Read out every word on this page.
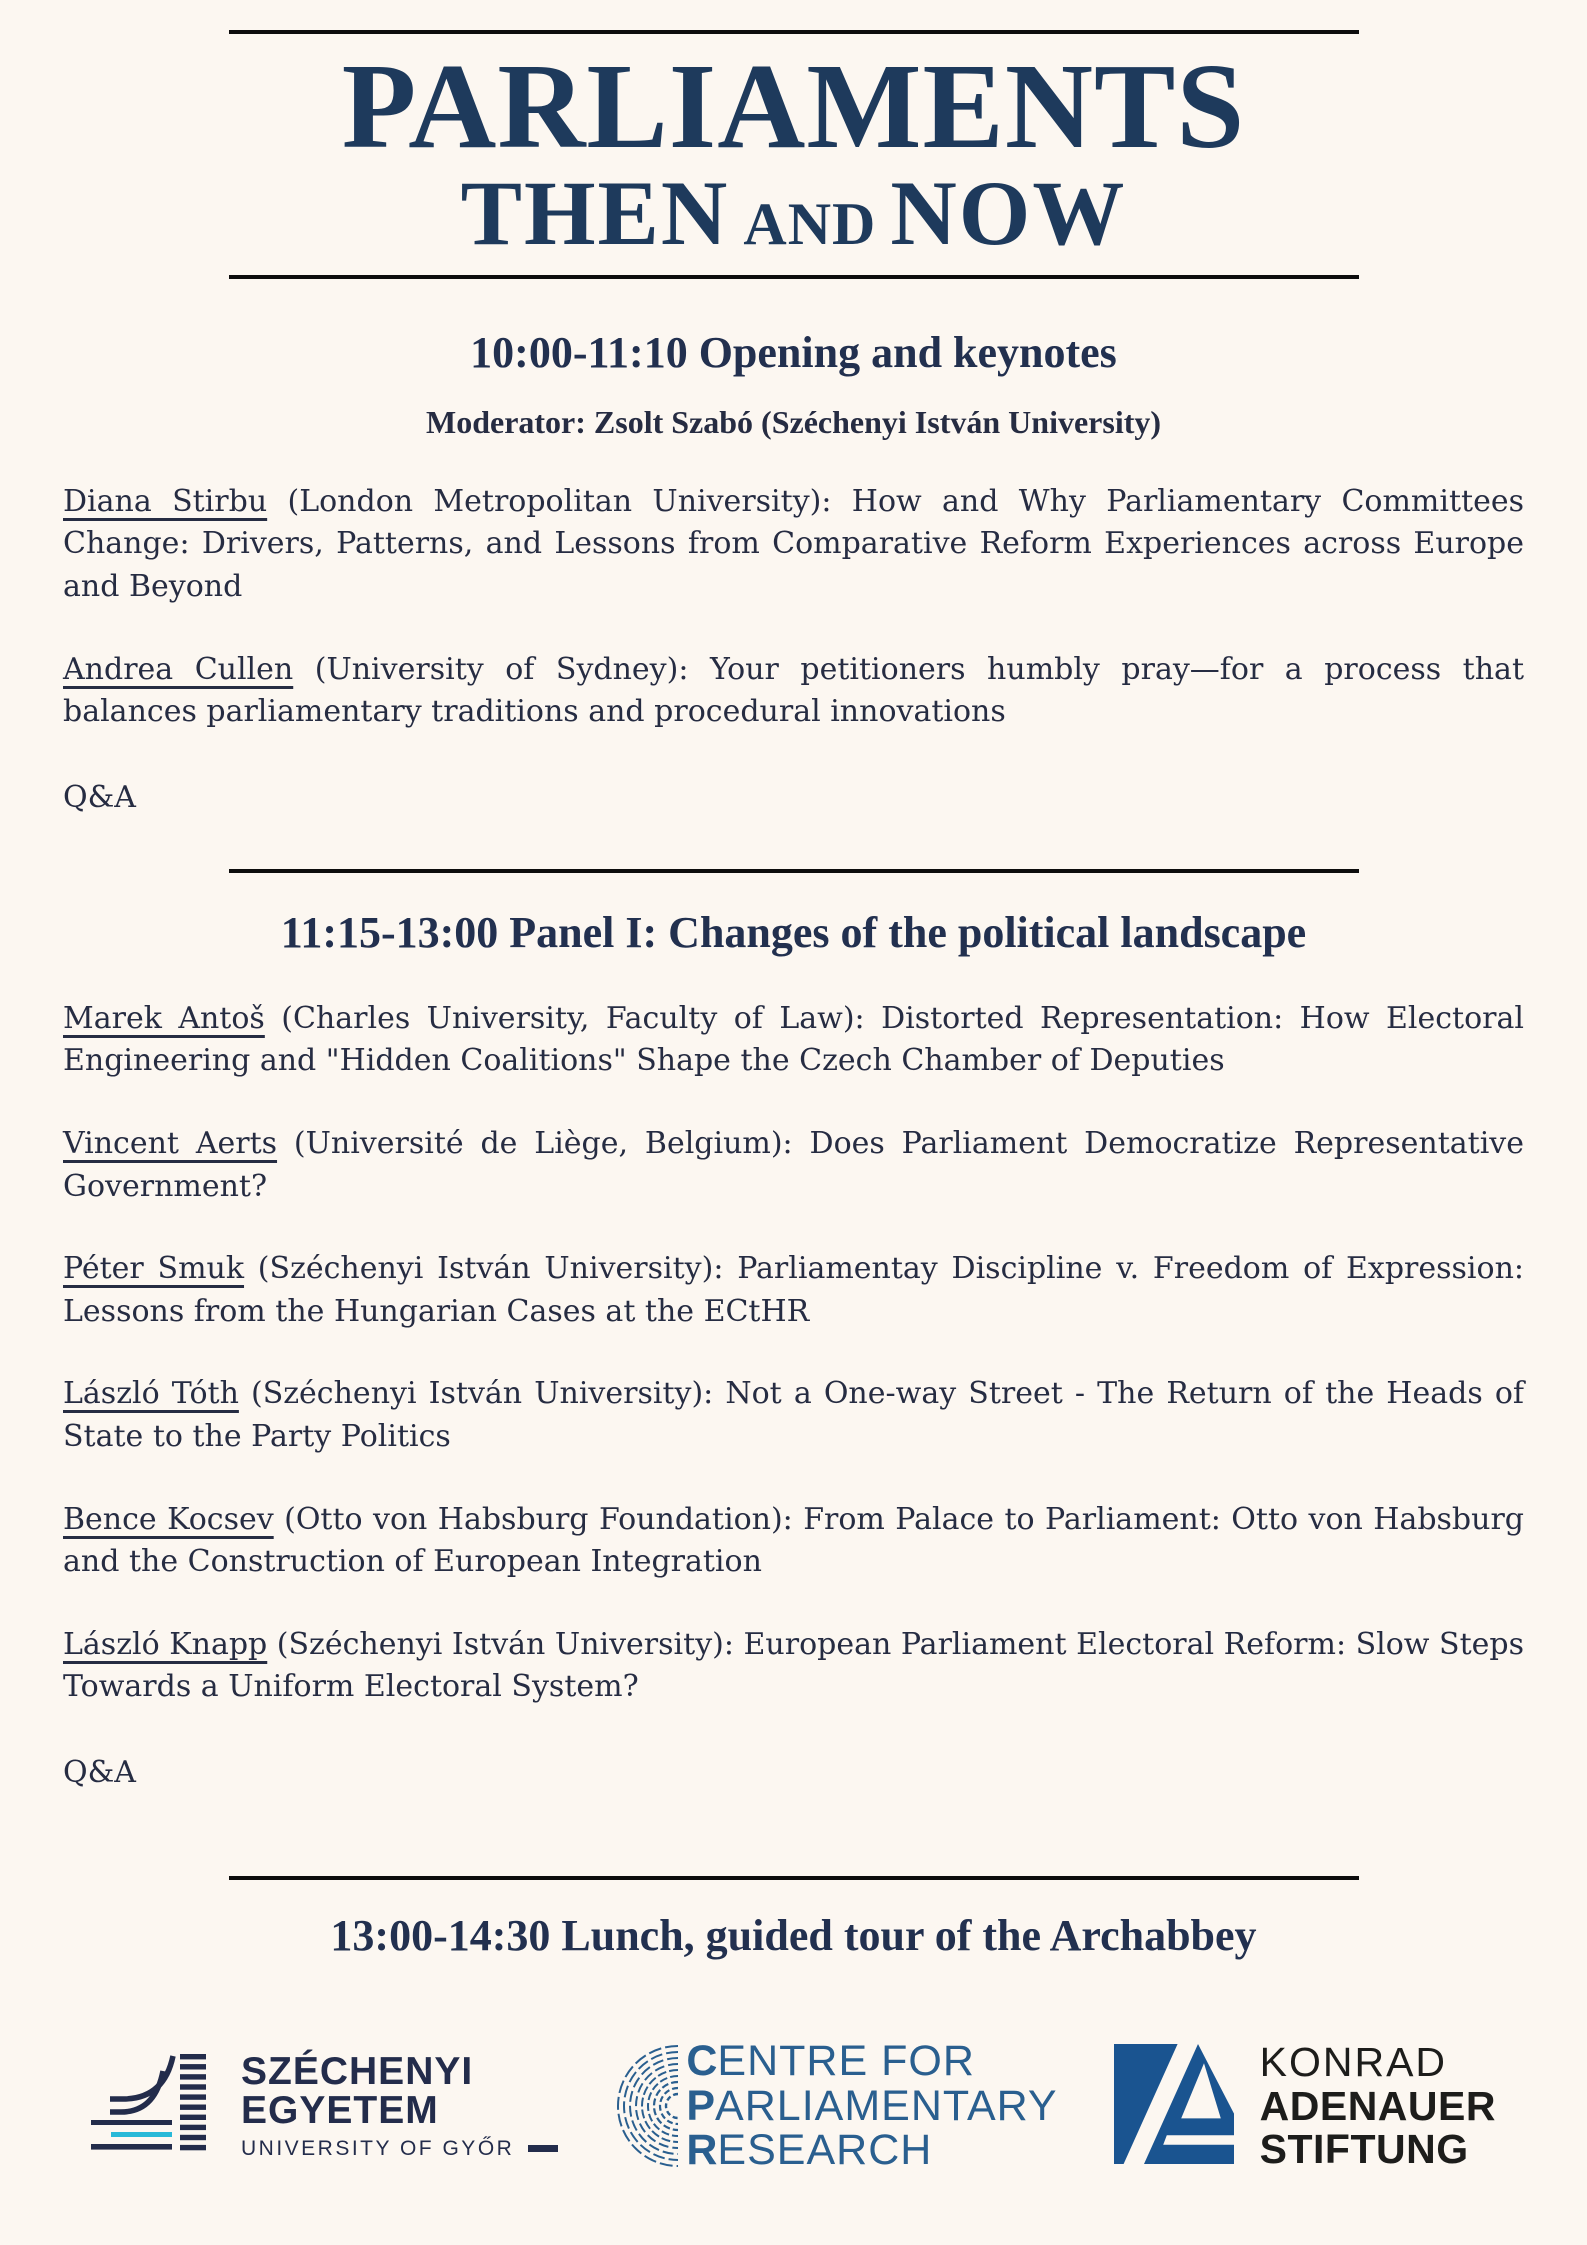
PARLIAMENTS
THEN AND NOW
10:00-11:10 Opening and keynotes
Moderator: Zsolt Szabó (Széchenyi István University)

Diana Stirbu (London Metropolitan University): How and Why Parliamentary Committees Change: Drivers, Patterns, and Lessons from Comparative Reform Experiences across Europe and Beyond

Andrea Cullen (University of Sydney): Your petitioners humbly pray—for a process that balances parliamentary traditions and procedural innovations

Q&A

11:15-13:00 Panel I: Changes of the political landscape

Marek Antoš (Charles University, Faculty of Law): Distorted Representation: How Electoral Engineering and "Hidden Coalitions" Shape the Czech Chamber of Deputies

Vincent Aerts (Université de Liège, Belgium): Does Parliament Democratize Representative Government?

Péter Smuk (Széchenyi István University): Parliamentay Discipline v. Freedom of Expression: Lessons from the Hungarian Cases at the ECtHR

László Tóth (Széchenyi István University): Not a One-way Street - The Return of the Heads of State to the Party Politics

Bence Kocsev (Otto von Habsburg Foundation): From Palace to Parliament: Otto von Habsburg and the Construction of European Integration

László Knapp (Széchenyi István University): European Parliament Electoral Reform: Slow Steps Towards a Uniform Electoral System?

Q&A

13:00-14:30 Lunch, guided tour of the Archabbey
SZÉCHENYI
EGYETEM
UNIVERSITY OF GYŐR
CENTRE FOR
PARLIAMENTARY
RESEARCH
KONRAD
ADENAUER
STIFTUNG
